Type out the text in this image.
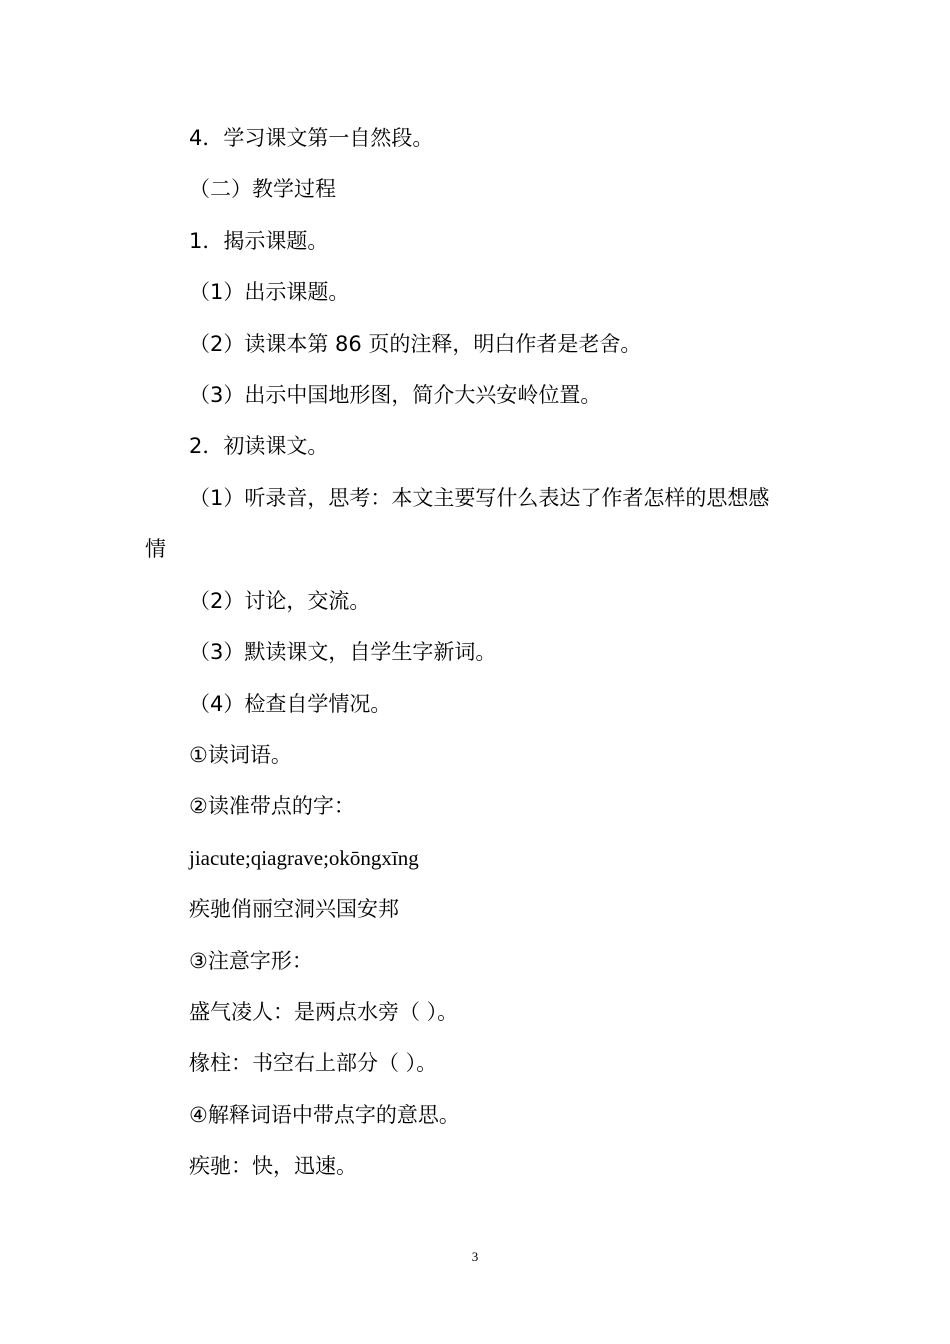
4．学习课文第一自然段。
（二）教学过程
1．揭示课题。
（1）出示课题。
（2）读课本第 86 页的注释，明白作者是老舍。
（3）出示中国地形图，简介大兴安岭位置。
2．初读课文。
（1）听录音，思考：本文主要写什么表达了作者怎样的思想感
情
（2）讨论，交流。
（3）默读课文，自学生字新词。
（4）检查自学情况。
①读词语。
②读准带点的字：
jiacute;qiagrave;okōngxīng
疾驰俏丽空洞兴国安邦
③注意字形：
盛气凌人：是两点水旁（ ）。
椽柱：书空右上部分（ ）。
④解释词语中带点字的意思。
疾驰：快，迅速。
3
